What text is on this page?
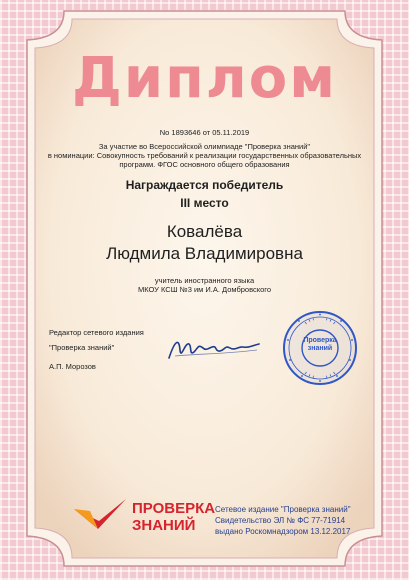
Диплом
No 1893646 от 05.11.2019
За участие во Всероссийской олимпиаде "Проверка знаний"
в номинации: Совокупность требований к реализации государственных образовательных
программ. ФГОС основного общего образования
Награждается победитель
III место
Ковалёва
Людмила Владимировна
учитель иностранного языка
МКОУ КСШ №3 им И.А. Домбровского
Редактор сетевого издания
"Проверка знаний"
А.П. Морозов
Проверка знаний
ПРОВЕРКА
ЗНАНИЙ
Сетевое издание "Проверка знаний"
Свидетельство ЭЛ № ФС 77-71914
выдано Роскомнадзором 13.12.2017
